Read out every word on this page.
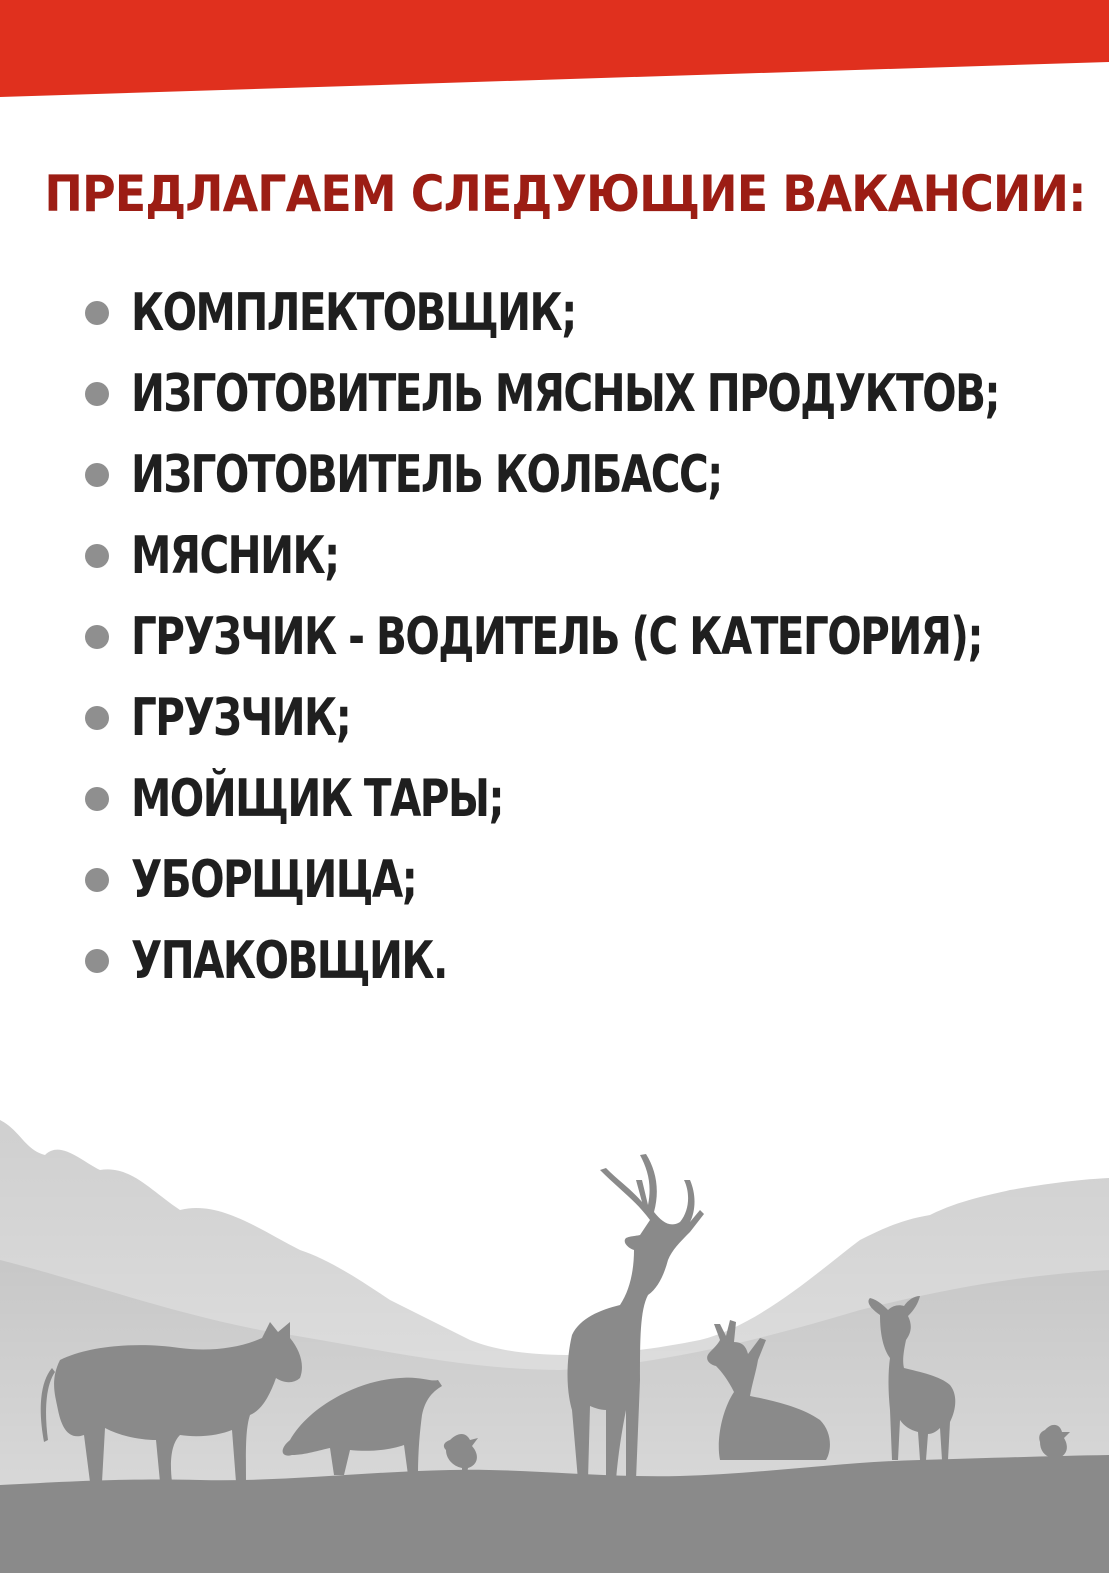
ПРЕДЛАГАЕМ СЛЕДУЮЩИЕ ВАКАНСИИ:
КОМПЛЕКТОВЩИК;
ИЗГОТОВИТЕЛЬ МЯСНЫХ ПРОДУКТОВ;
ИЗГОТОВИТЕЛЬ КОЛБАСС;
МЯСНИК;
ГРУЗЧИК - ВОДИТЕЛЬ (С КАТЕГОРИЯ);
ГРУЗЧИК;
МОЙЩИК ТАРЫ;
УБОРЩИЦА;
УПАКОВЩИК.
